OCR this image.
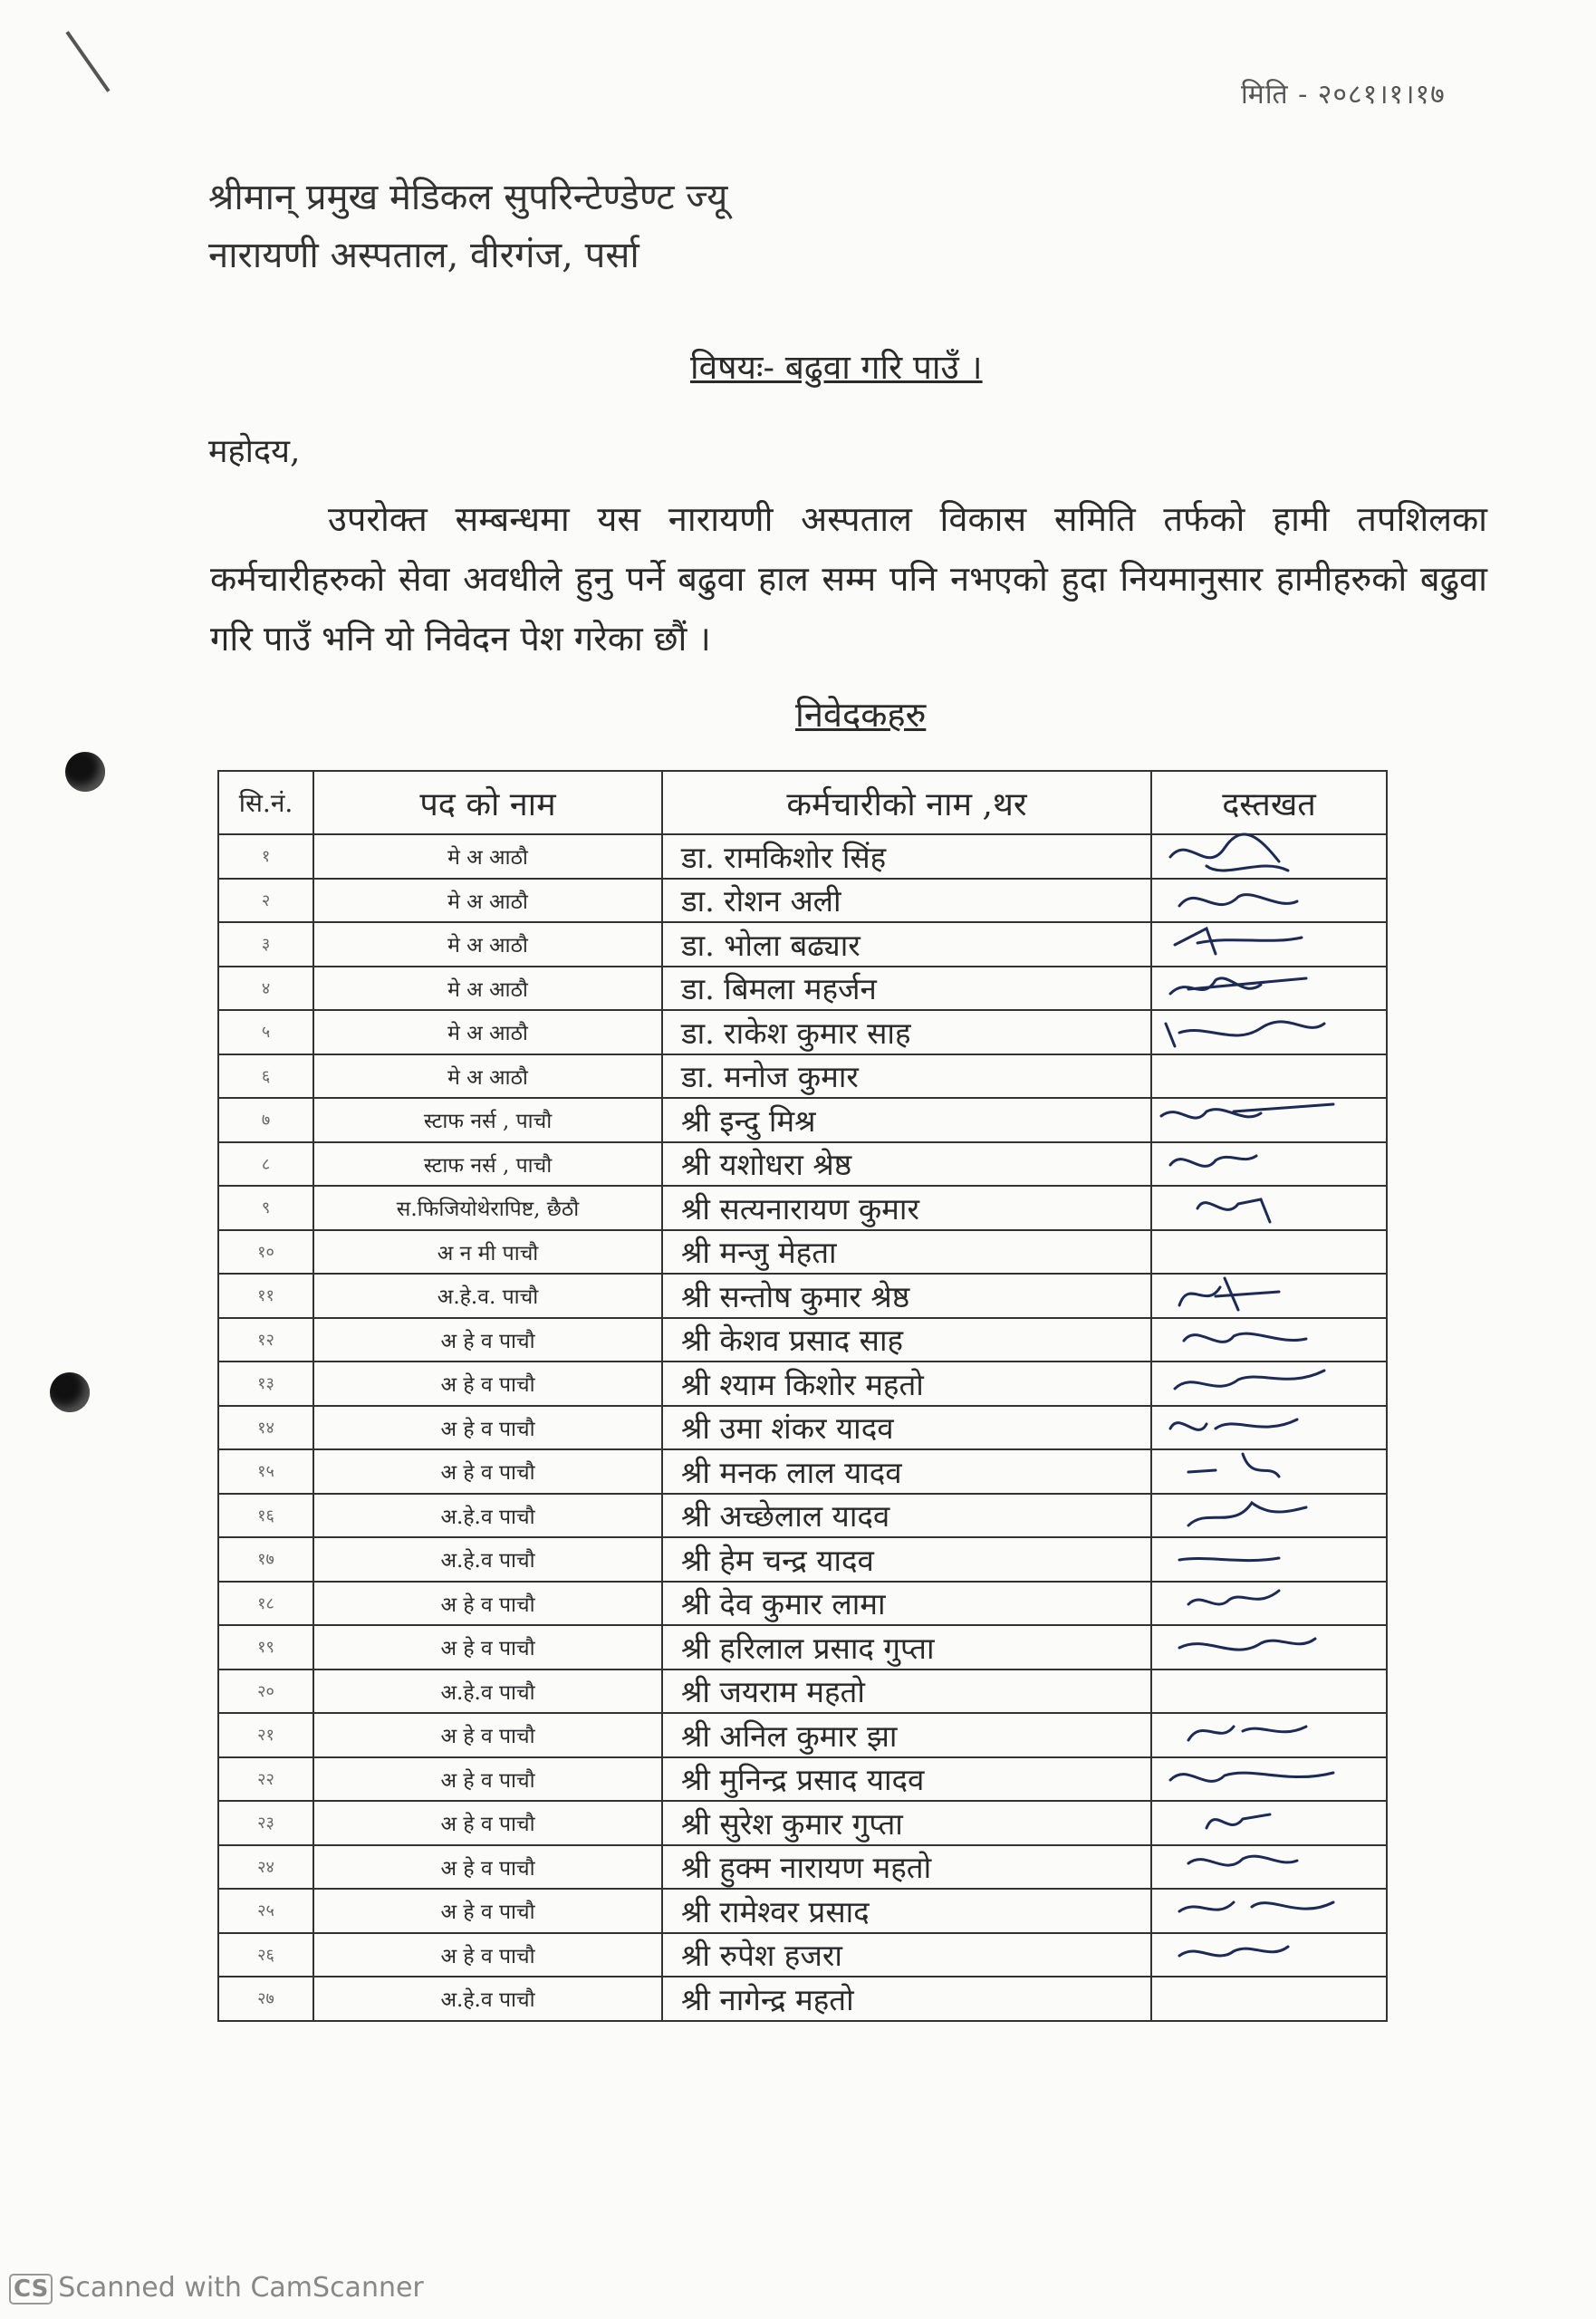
मिति - २०८१।१।१७
श्रीमान् प्रमुख मेडिकल सुपरिन्टेण्डेण्ट ज्यू
नारायणी अस्पताल, वीरगंज, पर्सा
विषयः- बढुवा गरि पाउँ ।
महोदय,
उपरोक्त सम्बन्धमा यस नारायणी अस्पताल विकास समिति तर्फको हामी तपशिलका कर्मचारीहरुको सेवा अवधीले हुनु पर्ने बढुवा हाल सम्म पनि नभएको हुदा नियमानुसार हामीहरुको बढुवा गरि पाउँ भनि यो निवेदन पेश गरेका छौं ।
निवेदकहरु
सि.नं.	पद को नाम	कर्मचारीको नाम ,थर	दस्तखत
१	मे अ आठौ	डा. रामकिशोर सिंह	

२	मे अ आठौ	डा. रोशन अली	

३	मे अ आठौ	डा. भोला बढ्यार	

४	मे अ आठौ	डा. बिमला महर्जन	

५	मे अ आठौ	डा. राकेश कुमार साह	

६	मे अ आठौ	डा. मनोज कुमार	
७	स्टाफ नर्स , पाचौ	श्री इन्दु मिश्र	

८	स्टाफ नर्स , पाचौ	श्री यशोधरा श्रेष्ठ	

९	स.फिजियोथेरापिष्ट, छैठौ	श्री सत्यनारायण कुमार	

१०	अ न मी पाचौ	श्री मन्जु मेहता	
११	अ.हे.व. पाचौ	श्री सन्तोष कुमार श्रेष्ठ	

१२	अ हे व पाचौ	श्री केशव प्रसाद साह	

१३	अ हे व पाचौ	श्री श्याम किशोर महतो	

१४	अ हे व पाचौ	श्री उमा शंकर यादव	

१५	अ हे व पाचौ	श्री मनक लाल यादव	

१६	अ.हे.व पाचौ	श्री अच्छेलाल यादव	

१७	अ.हे.व पाचौ	श्री हेम चन्द्र यादव	

१८	अ हे व पाचौ	श्री देव कुमार लामा	

१९	अ हे व पाचौ	श्री हरिलाल प्रसाद गुप्ता	

२०	अ.हे.व पाचौ	श्री जयराम महतो	
२१	अ हे व पाचौ	श्री अनिल कुमार झा	

२२	अ हे व पाचौ	श्री मुनिन्द्र प्रसाद यादव	

२३	अ हे व पाचौ	श्री सुरेश कुमार गुप्ता	

२४	अ हे व पाचौ	श्री हुक्म नारायण महतो	

२५	अ हे व पाचौ	श्री रामेश्वर प्रसाद	

२६	अ हे व पाचौ	श्री रुपेश हजरा	

२७	अ.हे.व पाचौ	श्री नागेन्द्र महतो	
CS Scanned with CamScanner
